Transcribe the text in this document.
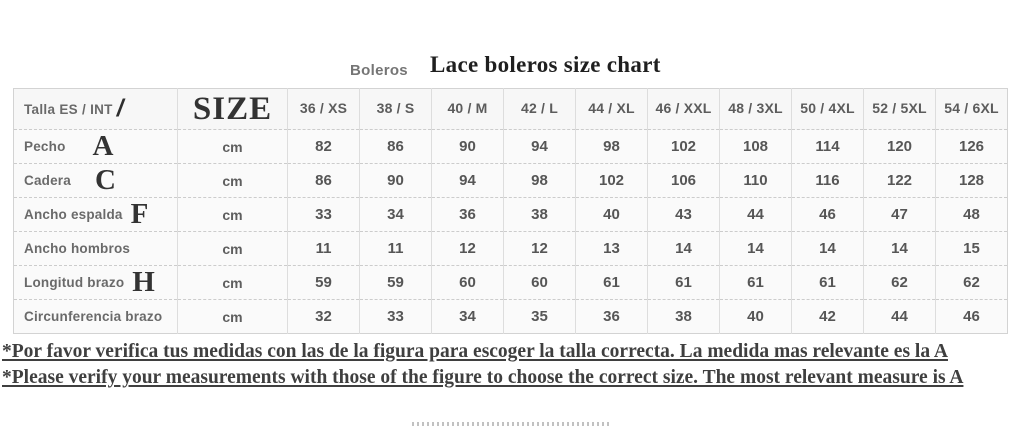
Boleros Lace boleros size chart
Talla ES / INT /	SIZE	36 / XS	38 / S	40 / M	42 / L	44 / XL	46 / XXL	48 / 3XL	50 / 4XL	52 / 5XL	54 / 6XL

Pecho A	cm	82	86	90	94	98	102	108	114	120	126

Cadera C	cm	86	90	94	98	102	106	110	116	122	128

Ancho espalda F	cm	33	34	36	38	40	43	44	46	47	48

Ancho hombros	cm	11	11	12	12	13	14	14	14	14	15

Longitud brazo H	cm	59	59	60	60	61	61	61	61	62	62

Circunferencia brazo	cm	32	33	34	35	36	38	40	42	44	46
*Por favor verifica tus medidas con las de la figura para escoger la talla correcta. La medida mas relevante es la A
*Please verify your measurements with those of the figure to choose the correct size. The most relevant measure is A
